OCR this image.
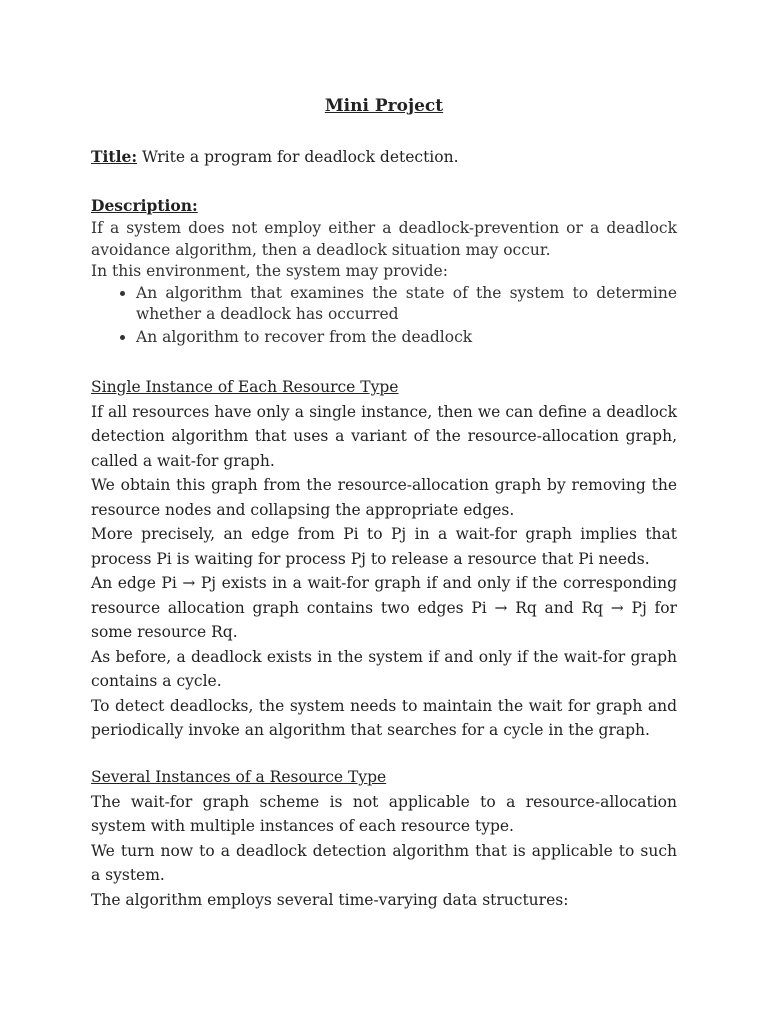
Mini Project

Title: Write a program for deadlock detection.

Description:

If a system does not employ either a deadlock-prevention or a deadlock avoidance algorithm, then a deadlock situation may occur.

In this environment, the system may provide:

• An algorithm that examines the state of the system to determine whether a deadlock has occurred
• An algorithm to recover from the deadlock

Single Instance of Each Resource Type

If all resources have only a single instance, then we can define a deadlock detection algorithm that uses a variant of the resource-allocation graph, called a wait-for graph.

We obtain this graph from the resource-allocation graph by removing the resource nodes and collapsing the appropriate edges.

More precisely, an edge from Pi to Pj in a wait-for graph implies that process Pi is waiting for process Pj to release a resource that Pi needs.

An edge Pi → Pj exists in a wait-for graph if and only if the corresponding resource allocation graph contains two edges Pi → Rq and Rq → Pj for some resource Rq.

As before, a deadlock exists in the system if and only if the wait-for graph contains a cycle.

To detect deadlocks, the system needs to maintain the wait for graph and periodically invoke an algorithm that searches for a cycle in the graph.

Several Instances of a Resource Type

The wait-for graph scheme is not applicable to a resource-allocation system with multiple instances of each resource type.

We turn now to a deadlock detection algorithm that is applicable to such a system.

The algorithm employs several time-varying data structures:
